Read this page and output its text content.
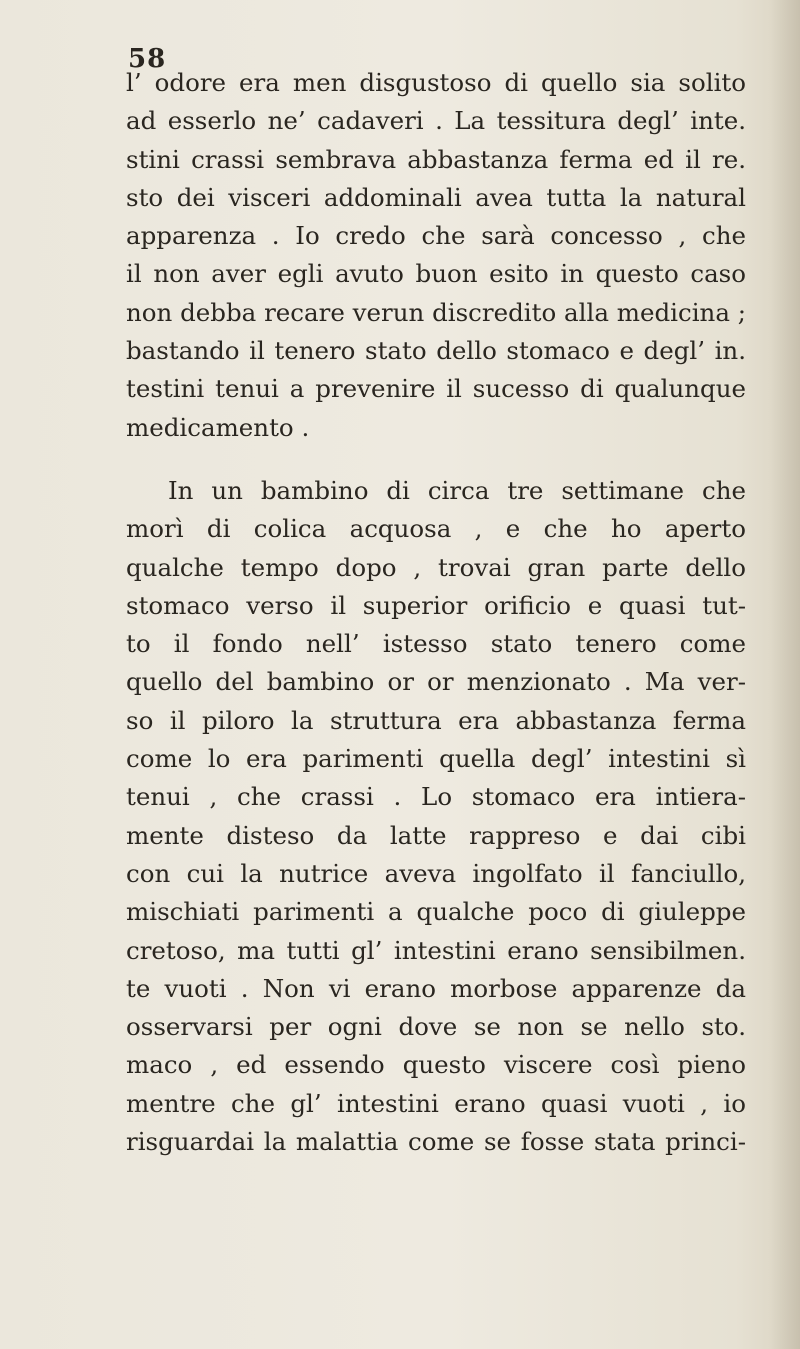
58
l’ odore era men disgustoso di quello sia solito
ad esserlo ne’ cadaveri . La tessitura degl’ inte.
stini crassi sembrava abbastanza ferma ed il re.
sto dei visceri addominali avea tutta la natural
apparenza . Io credo che sarà concesso , che
il non aver egli avuto buon esito in questo caso
non debba recare verun discredito alla medicina ;
bastando il tenero stato dello stomaco e degl’ in.
testini tenui a prevenire il sucesso di qualunque
medicamento .
In un bambino di circa tre settimane che
morì di colica acquosa , e che ho aperto
qualche tempo dopo , trovai gran parte dello
stomaco verso il superior orificio e quasi tut-
to il fondo nell’ istesso stato tenero come
quello del bambino or or menzionato . Ma ver-
so il piloro la struttura era abbastanza ferma
come lo era parimenti quella degl’ intestini sì
tenui , che crassi . Lo stomaco era intiera-
mente disteso da latte rappreso e dai cibi
con cui la nutrice aveva ingolfato il fanciullo,
mischiati parimenti a qualche poco di giuleppe
cretoso, ma tutti gl’ intestini erano sensibilmen.
te vuoti . Non vi erano morbose apparenze da
osservarsi per ogni dove se non se nello sto.
maco , ed essendo questo viscere così pieno
mentre che gl’ intestini erano quasi vuoti , io
risguardai la malattia come se fosse stata princi-
